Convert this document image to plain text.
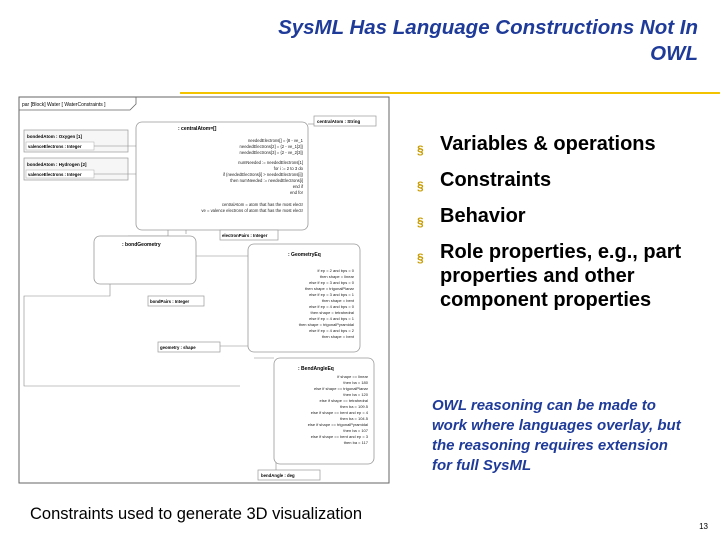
SysML Has Language Constructions Not In
OWL
par [Block] Water [ WaterConstraints ]
: centralAtom=[]
neededElectrons[] = {8 - ve_1
neededElectrons[2] = {2 - ve_1[2]}
neededElectrons[3] = {2 - ve_2[3]}
numNeeded := neededElectrons[1]
for i := 2 to 3 do
if (neededElectrons[i] > neededElectrons[i])
then numNeeded := neededElectrons[i]
end if
end for
centralAtom = atom that has the most electr
ve = valence electrons of atom that has the most electr
centralAtom : String
bondedAtom : Oxygen [1]
valenceElectrons : Integer
bondedAtom : Hydrogen [2]
valenceElectrons : Integer
electronPairs : Integer
: bondGeometry
: GeometryEq
if ep = 2 and bps = 0
then shape = linear
else if ep = 3 and bps = 0
then shape = trigonalPlanar
else if ep = 3 and bps = 1
then shape = bent
else if ep = 4 and bps = 0
then shape = tetrahedral
else if ep = 4 and bps = 1
then shape = trigonalPyramidal
else if ep = 4 and bps = 2
then shape = bent
bondPairs : Integer
geometry : shape
: BendAngleEq
if shape == linear
then ba = 180
else if shape == trigonalPlanar
then ba = 120
else if shape == tetrahedral
then ba = 109.5
else if shape == bent and ep = 4
then ba = 104.5
else if shape == trigonalPyramidal
then ba = 107
else if shape == bent and ep = 3
then ba = 117
bendAngle : deg
§ Variables & operations
§ Constraints
§ Behavior
§ Role properties, e.g., part properties and other component properties
OWL reasoning can be made to work where languages overlay, but the reasoning requires extension for full SysML
Constraints used to generate 3D visualization
13
